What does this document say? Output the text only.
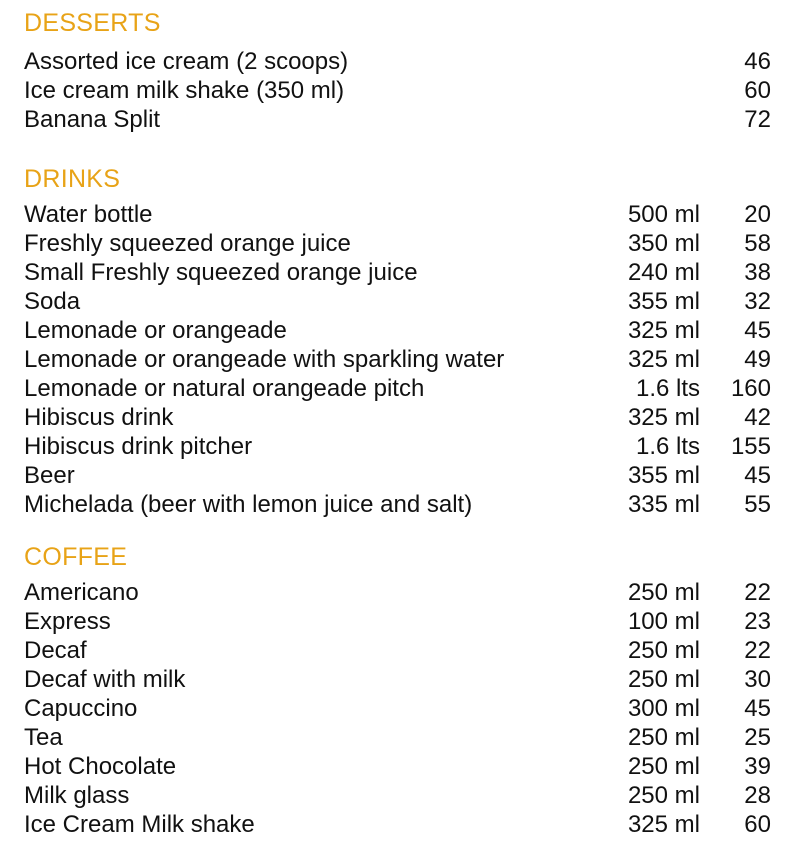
DESSERTS
Assorted ice cream (2 scoops)	46
Ice cream milk shake (350 ml)	60
Banana Split	72
DRINKS
Water bottle	500 ml 20
Freshly squeezed orange juice	350 ml 58
Small Freshly squeezed orange juice	240 ml 38
Soda	355 ml 32
Lemonade or orangeade	325 ml 45
Lemonade or orangeade with sparkling water	325 ml 49
Lemonade or natural orangeade pitch	1.6 lts 160
Hibiscus drink	325 ml 42
Hibiscus drink pitcher	1.6 lts 155
Beer	355 ml 45
Michelada (beer with lemon juice and salt)	335 ml 55
COFFEE
Americano	250 ml 22
Express	100 ml 23
Decaf	250 ml 22
Decaf with milk	250 ml 30
Capuccino	300 ml 45
Tea	250 ml 25
Hot Chocolate	250 ml 39
Milk glass	250 ml 28
Ice Cream Milk shake	325 ml 60
